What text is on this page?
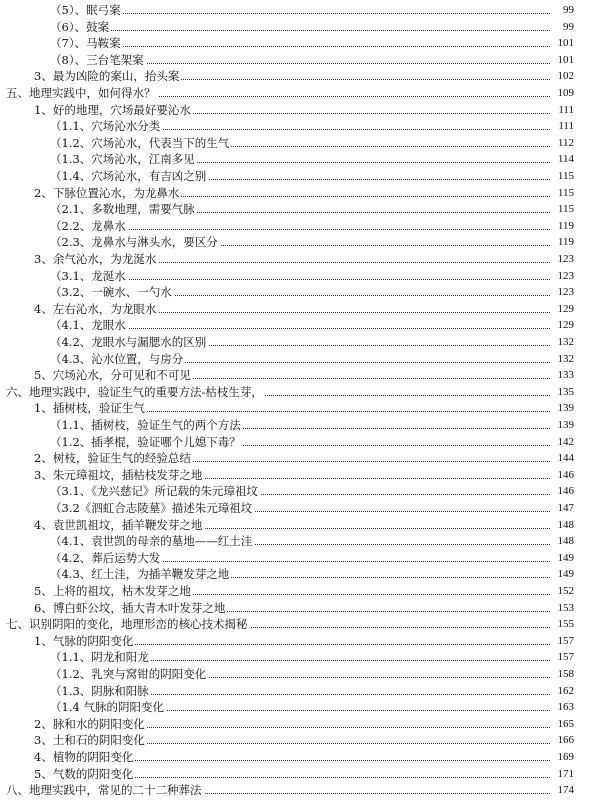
（5）、眠弓案	99
（6）、鼓案	99
（7）、马鞍案	101
（8）、三台笔架案	101
3、最为凶险的案山，抬头案	102
五、地理实践中，如何得水？	109
1、好的地理，穴场最好要沁水	111
（1.1、穴场沁水分类	111
（1.2、穴场沁水，代表当下的生气	112
（1.3、穴场沁水，江南多见	114
（1.4、穴场沁水，有吉凶之别	115
2、下脉位置沁水，为龙鼻水	115
（2.1、多数地理，需要气脉	115
（2.2、龙鼻水	119
（2.3、龙鼻水与淋头水，要区分	119
3、余气沁水，为龙涎水	123
（3.1、龙涎水	123
（3.2、一碗水、一勺水	123
4、左右沁水，为龙眼水	129
（4.1、龙眼水	129
（4.2、龙眼水与漏腮水的区别	132
（4.3、沁水位置，与房分	132
5、穴场沁水，分可见和不可见	133
六、地理实践中，验证生气的重要方法-枯枝生芽，	135
1、插树枝，验证生气	139
（1.1、插树枝，验证生气的两个方法	139
（1.2、插孝棍，验证哪个儿媳下毒？	142
2、树枝，验证生气的经验总结	144
3、朱元璋祖坟，插枯枝发芽之地	146
（3.1、《龙兴慈记》所记载的朱元璋祖坟	146
（3.2《泗虹合志陵墓》描述朱元璋祖坟	147
4、袁世凯祖坟，插羊鞭发芽之地	148
（4.1、袁世凯的母亲的墓地——红土洼	148
（4.2、葬后运势大发	149
（4.3、红土洼，为插羊鞭发芽之地	149
5、上将的祖坟，枯木发芽之地	152
6、博白虾公坟，插大青木叶发芽之地	153
七、识别阴阳的变化，地理形峦的核心技术揭秘	155
1、气脉的阴阳变化	157
（1.1、阴龙和阳龙	157
（1.2、乳突与窝钳的阴阳变化	158
（1.3、阴脉和阳脉	162
（1.4 气脉的阴阳变化	163
2、脉和水的阴阳变化	165
3、土和石的阴阳变化	166
4、植物的阴阳变化	169
5、气数的阴阳变化	171
八、地理实践中，常见的二十二种葬法	174
